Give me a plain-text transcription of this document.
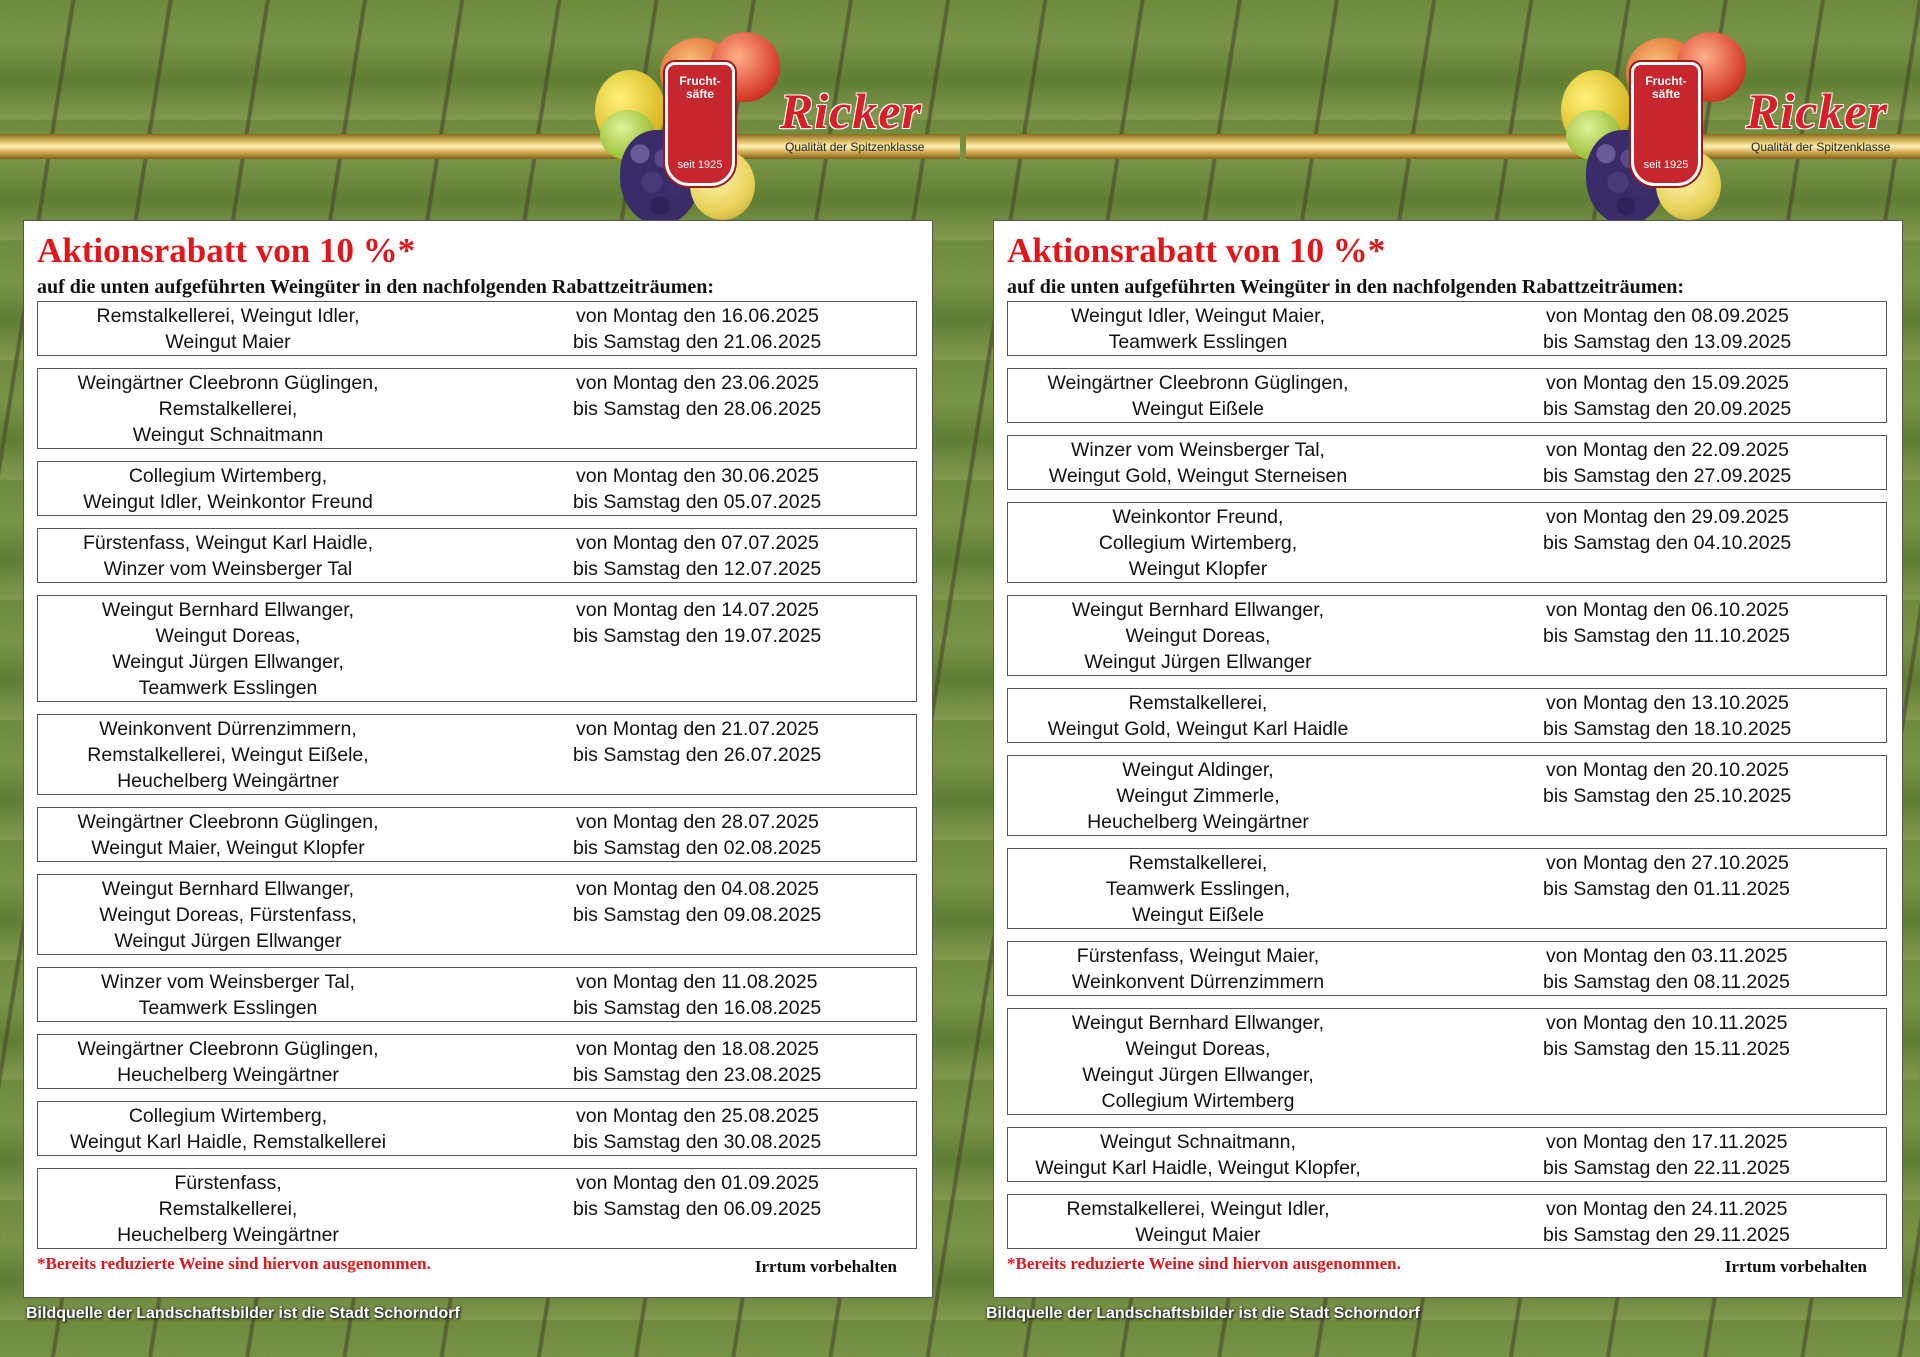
Frucht-
säfte
seit 1925
Ricker
Qualität der Spitzenklasse
Aktionsrabatt von 10 %*
auf die unten aufgeführten Weingüter in den nachfolgenden Rabattzeiträumen:
Remstalkellerei, Weingut Idler,
Weingut Maier
von Montag den 16.06.2025
bis Samstag den 21.06.2025
Weingärtner Cleebronn Güglingen,
Remstalkellerei,
Weingut Schnaitmann
von Montag den 23.06.2025
bis Samstag den 28.06.2025
Collegium Wirtemberg,
Weingut Idler, Weinkontor Freund
von Montag den 30.06.2025
bis Samstag den 05.07.2025
Fürstenfass, Weingut Karl Haidle,
Winzer vom Weinsberger Tal
von Montag den 07.07.2025
bis Samstag den 12.07.2025
Weingut Bernhard Ellwanger,
Weingut Doreas,
Weingut Jürgen Ellwanger,
Teamwerk Esslingen
von Montag den 14.07.2025
bis Samstag den 19.07.2025
Weinkonvent Dürrenzimmern,
Remstalkellerei, Weingut Eißele,
Heuchelberg Weingärtner
von Montag den 21.07.2025
bis Samstag den 26.07.2025
Weingärtner Cleebronn Güglingen,
Weingut Maier, Weingut Klopfer
von Montag den 28.07.2025
bis Samstag den 02.08.2025
Weingut Bernhard Ellwanger,
Weingut Doreas, Fürstenfass,
Weingut Jürgen Ellwanger
von Montag den 04.08.2025
bis Samstag den 09.08.2025
Winzer vom Weinsberger Tal,
Teamwerk Esslingen
von Montag den 11.08.2025
bis Samstag den 16.08.2025
Weingärtner Cleebronn Güglingen,
Heuchelberg Weingärtner
von Montag den 18.08.2025
bis Samstag den 23.08.2025
Collegium Wirtemberg,
Weingut Karl Haidle, Remstalkellerei
von Montag den 25.08.2025
bis Samstag den 30.08.2025
Fürstenfass,
Remstalkellerei,
Heuchelberg Weingärtner
von Montag den 01.09.2025
bis Samstag den 06.09.2025
*Bereits reduzierte Weine sind hiervon ausgenommen.	Irrtum vorbehalten
Bildquelle der Landschaftsbilder ist die Stadt Schorndorf
Frucht-
säfte
seit 1925
Ricker
Qualität der Spitzenklasse
Aktionsrabatt von 10 %*
auf die unten aufgeführten Weingüter in den nachfolgenden Rabattzeiträumen:
Weingut Idler, Weingut Maier,
Teamwerk Esslingen
von Montag den 08.09.2025
bis Samstag den 13.09.2025
Weingärtner Cleebronn Güglingen,
Weingut Eißele
von Montag den 15.09.2025
bis Samstag den 20.09.2025
Winzer vom Weinsberger Tal,
Weingut Gold, Weingut Sterneisen
von Montag den 22.09.2025
bis Samstag den 27.09.2025
Weinkontor Freund,
Collegium Wirtemberg,
Weingut Klopfer
von Montag den 29.09.2025
bis Samstag den 04.10.2025
Weingut Bernhard Ellwanger,
Weingut Doreas,
Weingut Jürgen Ellwanger
von Montag den 06.10.2025
bis Samstag den 11.10.2025
Remstalkellerei,
Weingut Gold, Weingut Karl Haidle
von Montag den 13.10.2025
bis Samstag den 18.10.2025
Weingut Aldinger,
Weingut Zimmerle,
Heuchelberg Weingärtner
von Montag den 20.10.2025
bis Samstag den 25.10.2025
Remstalkellerei,
Teamwerk Esslingen,
Weingut Eißele
von Montag den 27.10.2025
bis Samstag den 01.11.2025
Fürstenfass, Weingut Maier,
Weinkonvent Dürrenzimmern
von Montag den 03.11.2025
bis Samstag den 08.11.2025
Weingut Bernhard Ellwanger,
Weingut Doreas,
Weingut Jürgen Ellwanger,
Collegium Wirtemberg
von Montag den 10.11.2025
bis Samstag den 15.11.2025
Weingut Schnaitmann,
Weingut Karl Haidle, Weingut Klopfer,
von Montag den 17.11.2025
bis Samstag den 22.11.2025
Remstalkellerei, Weingut Idler,
Weingut Maier
von Montag den 24.11.2025
bis Samstag den 29.11.2025
*Bereits reduzierte Weine sind hiervon ausgenommen.	Irrtum vorbehalten
Bildquelle der Landschaftsbilder ist die Stadt Schorndorf
